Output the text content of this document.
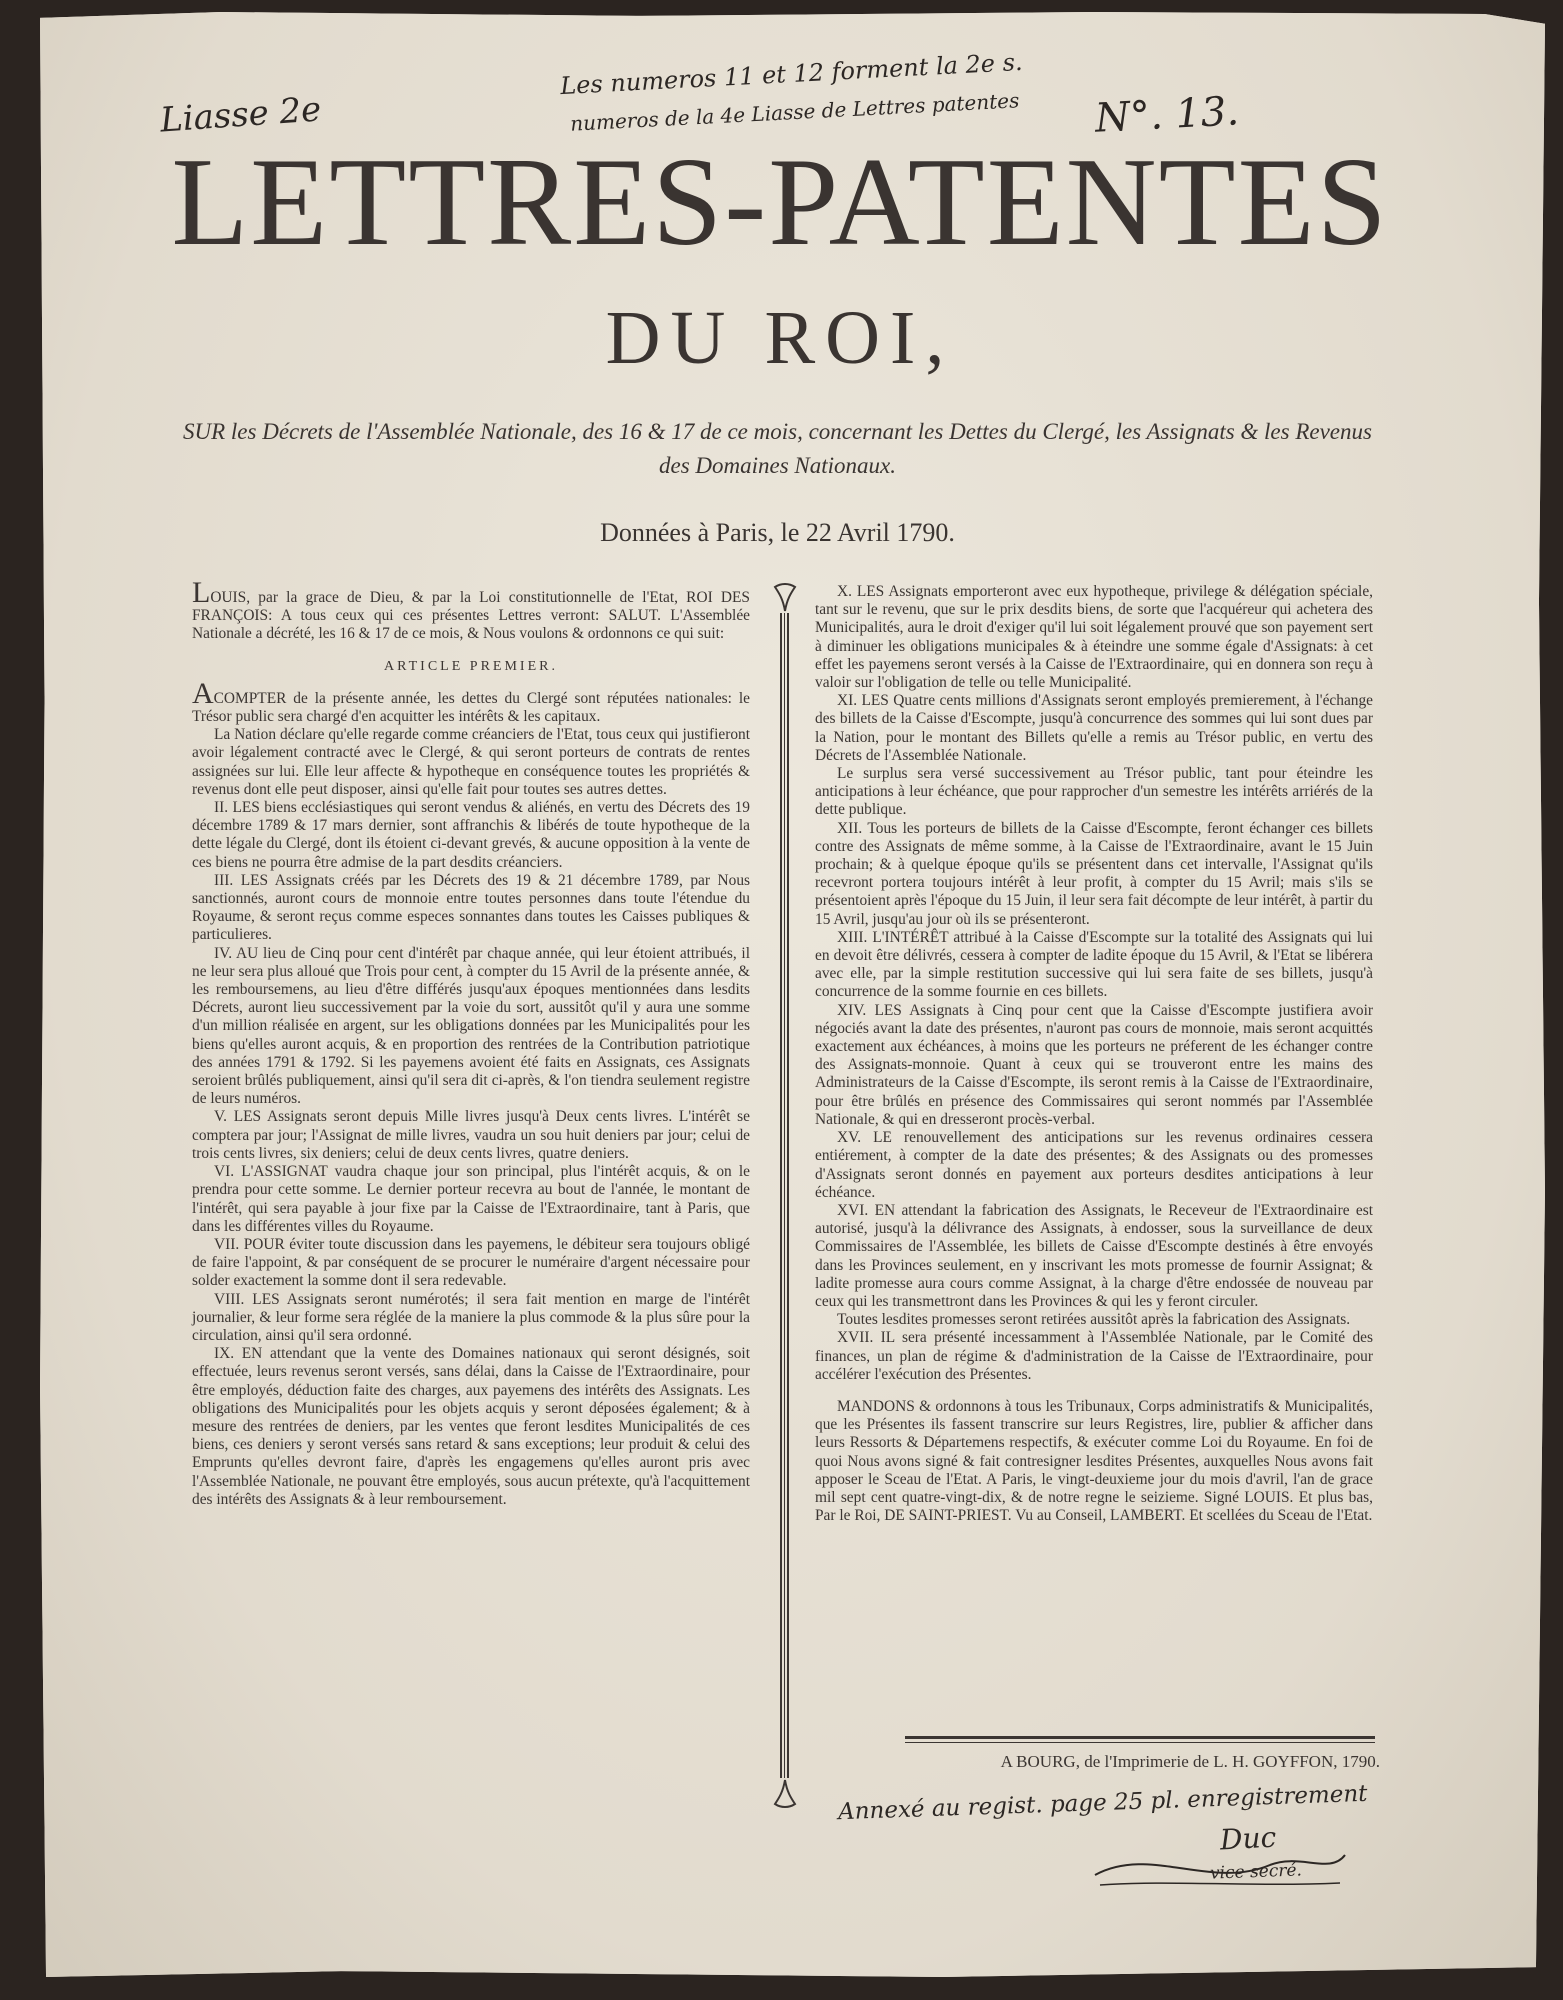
Liasse 2e
Les numeros 11 et 12 forment la 2e s.
numeros de la 4e Liasse de Lettres patentes N°. 13.
LETTRES-PATENTES
DU ROI,
SUR les Décrets de l'Assemblée Nationale, des 16 & 17 de ce mois, concernant les Dettes du Clergé, les Assignats & les Revenus des Domaines Nationaux.
Données à Paris, le 22 Avril 1790.

LOUIS, par la grace de Dieu, & par la Loi constitutionnelle de l'Etat, ROI DES FRANÇOIS: A tous ceux qui ces présentes Lettres verront: SALUT. L'Assemblée Nationale a décrété, les 16 & 17 de ce mois, & Nous voulons & ordonnons ce qui suit:

ARTICLE PREMIER.

ACOMPTER de la présente année, les dettes du Clergé sont réputées nationales: le Trésor public sera chargé d'en acquitter les intérêts & les capitaux.

La Nation déclare qu'elle regarde comme créanciers de l'Etat, tous ceux qui justifieront avoir légalement contracté avec le Clergé, & qui seront porteurs de contrats de rentes assignées sur lui. Elle leur affecte & hypotheque en conséquence toutes les propriétés & revenus dont elle peut disposer, ainsi qu'elle fait pour toutes ses autres dettes.

II. LES biens ecclésiastiques qui seront vendus & aliénés, en vertu des Décrets des 19 décembre 1789 & 17 mars dernier, sont affranchis & libérés de toute hypotheque de la dette légale du Clergé, dont ils étoient ci-devant grevés, & aucune opposition à la vente de ces biens ne pourra être admise de la part desdits créanciers.

III. LES Assignats créés par les Décrets des 19 & 21 décembre 1789, par Nous sanctionnés, auront cours de monnoie entre toutes personnes dans toute l'étendue du Royaume, & seront reçus comme especes sonnantes dans toutes les Caisses publiques & particulieres.

IV. AU lieu de Cinq pour cent d'intérêt par chaque année, qui leur étoient attribués, il ne leur sera plus alloué que Trois pour cent, à compter du 15 Avril de la présente année, & les remboursemens, au lieu d'être différés jusqu'aux époques mentionnées dans lesdits Décrets, auront lieu successivement par la voie du sort, aussitôt qu'il y aura une somme d'un million réalisée en argent, sur les obligations données par les Municipalités pour les biens qu'elles auront acquis, & en proportion des rentrées de la Contribution patriotique des années 1791 & 1792. Si les payemens avoient été faits en Assignats, ces Assignats seroient brûlés publiquement, ainsi qu'il sera dit ci-après, & l'on tiendra seulement registre de leurs numéros.

V. LES Assignats seront depuis Mille livres jusqu'à Deux cents livres. L'intérêt se comptera par jour; l'Assignat de mille livres, vaudra un sou huit deniers par jour; celui de trois cents livres, six deniers; celui de deux cents livres, quatre deniers.

VI. L'ASSIGNAT vaudra chaque jour son principal, plus l'intérêt acquis, & on le prendra pour cette somme. Le dernier porteur recevra au bout de l'année, le montant de l'intérêt, qui sera payable à jour fixe par la Caisse de l'Extraordinaire, tant à Paris, que dans les différentes villes du Royaume.

VII. POUR éviter toute discussion dans les payemens, le débiteur sera toujours obligé de faire l'appoint, & par conséquent de se procurer le numéraire d'argent nécessaire pour solder exactement la somme dont il sera redevable.

VIII. LES Assignats seront numérotés; il sera fait mention en marge de l'intérêt journalier, & leur forme sera réglée de la maniere la plus commode & la plus sûre pour la circulation, ainsi qu'il sera ordonné.

IX. EN attendant que la vente des Domaines nationaux qui seront désignés, soit effectuée, leurs revenus seront versés, sans délai, dans la Caisse de l'Extraordinaire, pour être employés, déduction faite des charges, aux payemens des intérêts des Assignats. Les obligations des Municipalités pour les objets acquis y seront déposées également; & à mesure des rentrées de deniers, par les ventes que feront lesdites Municipalités de ces biens, ces deniers y seront versés sans retard & sans exceptions; leur produit & celui des Emprunts qu'elles devront faire, d'après les engagemens qu'elles auront pris avec l'Assemblée Nationale, ne pouvant être employés, sous aucun prétexte, qu'à l'acquittement des intérêts des Assignats & à leur remboursement.

X. LES Assignats emporteront avec eux hypotheque, privilege & délégation spéciale, tant sur le revenu, que sur le prix desdits biens, de sorte que l'acquéreur qui achetera des Municipalités, aura le droit d'exiger qu'il lui soit légalement prouvé que son payement sert à diminuer les obligations municipales & à éteindre une somme égale d'Assignats: à cet effet les payemens seront versés à la Caisse de l'Extraordinaire, qui en donnera son reçu à valoir sur l'obligation de telle ou telle Municipalité.

XI. LES Quatre cents millions d'Assignats seront employés premierement, à l'échange des billets de la Caisse d'Escompte, jusqu'à concurrence des sommes qui lui sont dues par la Nation, pour le montant des Billets qu'elle a remis au Trésor public, en vertu des Décrets de l'Assemblée Nationale.

Le surplus sera versé successivement au Trésor public, tant pour éteindre les anticipations à leur échéance, que pour rapprocher d'un semestre les intérêts arriérés de la dette publique.

XII. Tous les porteurs de billets de la Caisse d'Escompte, feront échanger ces billets contre des Assignats de même somme, à la Caisse de l'Extraordinaire, avant le 15 Juin prochain; & à quelque époque qu'ils se présentent dans cet intervalle, l'Assignat qu'ils recevront portera toujours intérêt à leur profit, à compter du 15 Avril; mais s'ils se présentoient après l'époque du 15 Juin, il leur sera fait décompte de leur intérêt, à partir du 15 Avril, jusqu'au jour où ils se présenteront.

XIII. L'INTÉRÊT attribué à la Caisse d'Escompte sur la totalité des Assignats qui lui en devoit être délivrés, cessera à compter de ladite époque du 15 Avril, & l'Etat se libérera avec elle, par la simple restitution successive qui lui sera faite de ses billets, jusqu'à concurrence de la somme fournie en ces billets.

XIV. LES Assignats à Cinq pour cent que la Caisse d'Escompte justifiera avoir négociés avant la date des présentes, n'auront pas cours de monnoie, mais seront acquittés exactement aux échéances, à moins que les porteurs ne préferent de les échanger contre des Assignats-monnoie. Quant à ceux qui se trouveront entre les mains des Administrateurs de la Caisse d'Escompte, ils seront remis à la Caisse de l'Extraordinaire, pour être brûlés en présence des Commissaires qui seront nommés par l'Assemblée Nationale, & qui en dresseront procès-verbal.

XV. LE renouvellement des anticipations sur les revenus ordinaires cessera entiérement, à compter de la date des présentes; & des Assignats ou des promesses d'Assignats seront donnés en payement aux porteurs desdites anticipations à leur échéance.

XVI. EN attendant la fabrication des Assignats, le Receveur de l'Extraordinaire est autorisé, jusqu'à la délivrance des Assignats, à endosser, sous la surveillance de deux Commissaires de l'Assemblée, les billets de Caisse d'Escompte destinés à être envoyés dans les Provinces seulement, en y inscrivant les mots promesse de fournir Assignat; & ladite promesse aura cours comme Assignat, à la charge d'être endossée de nouveau par ceux qui les transmettront dans les Provinces & qui les y feront circuler.

Toutes lesdites promesses seront retirées aussitôt après la fabrication des Assignats.

XVII. IL sera présenté incessamment à l'Assemblée Nationale, par le Comité des finances, un plan de régime & d'administration de la Caisse de l'Extraordinaire, pour accélérer l'exécution des Présentes.

MANDONS & ordonnons à tous les Tribunaux, Corps administratifs & Municipalités, que les Présentes ils fassent transcrire sur leurs Registres, lire, publier & afficher dans leurs Ressorts & Départemens respectifs, & exécuter comme Loi du Royaume. En foi de quoi Nous avons signé & fait contresigner lesdites Présentes, auxquelles Nous avons fait apposer le Sceau de l'Etat. A Paris, le vingt-deuxieme jour du mois d'avril, l'an de grace mil sept cent quatre-vingt-dix, & de notre regne le seizieme. Signé LOUIS. Et plus bas, Par le Roi, DE SAINT-PRIEST. Vu au Conseil, LAMBERT. Et scellées du Sceau de l'Etat.

A BOURG, de l'Imprimerie de L. H. GOYFFON, 1790.
Annexé au regist. page 25 pl. enregistrement
Duc
vice secré.
